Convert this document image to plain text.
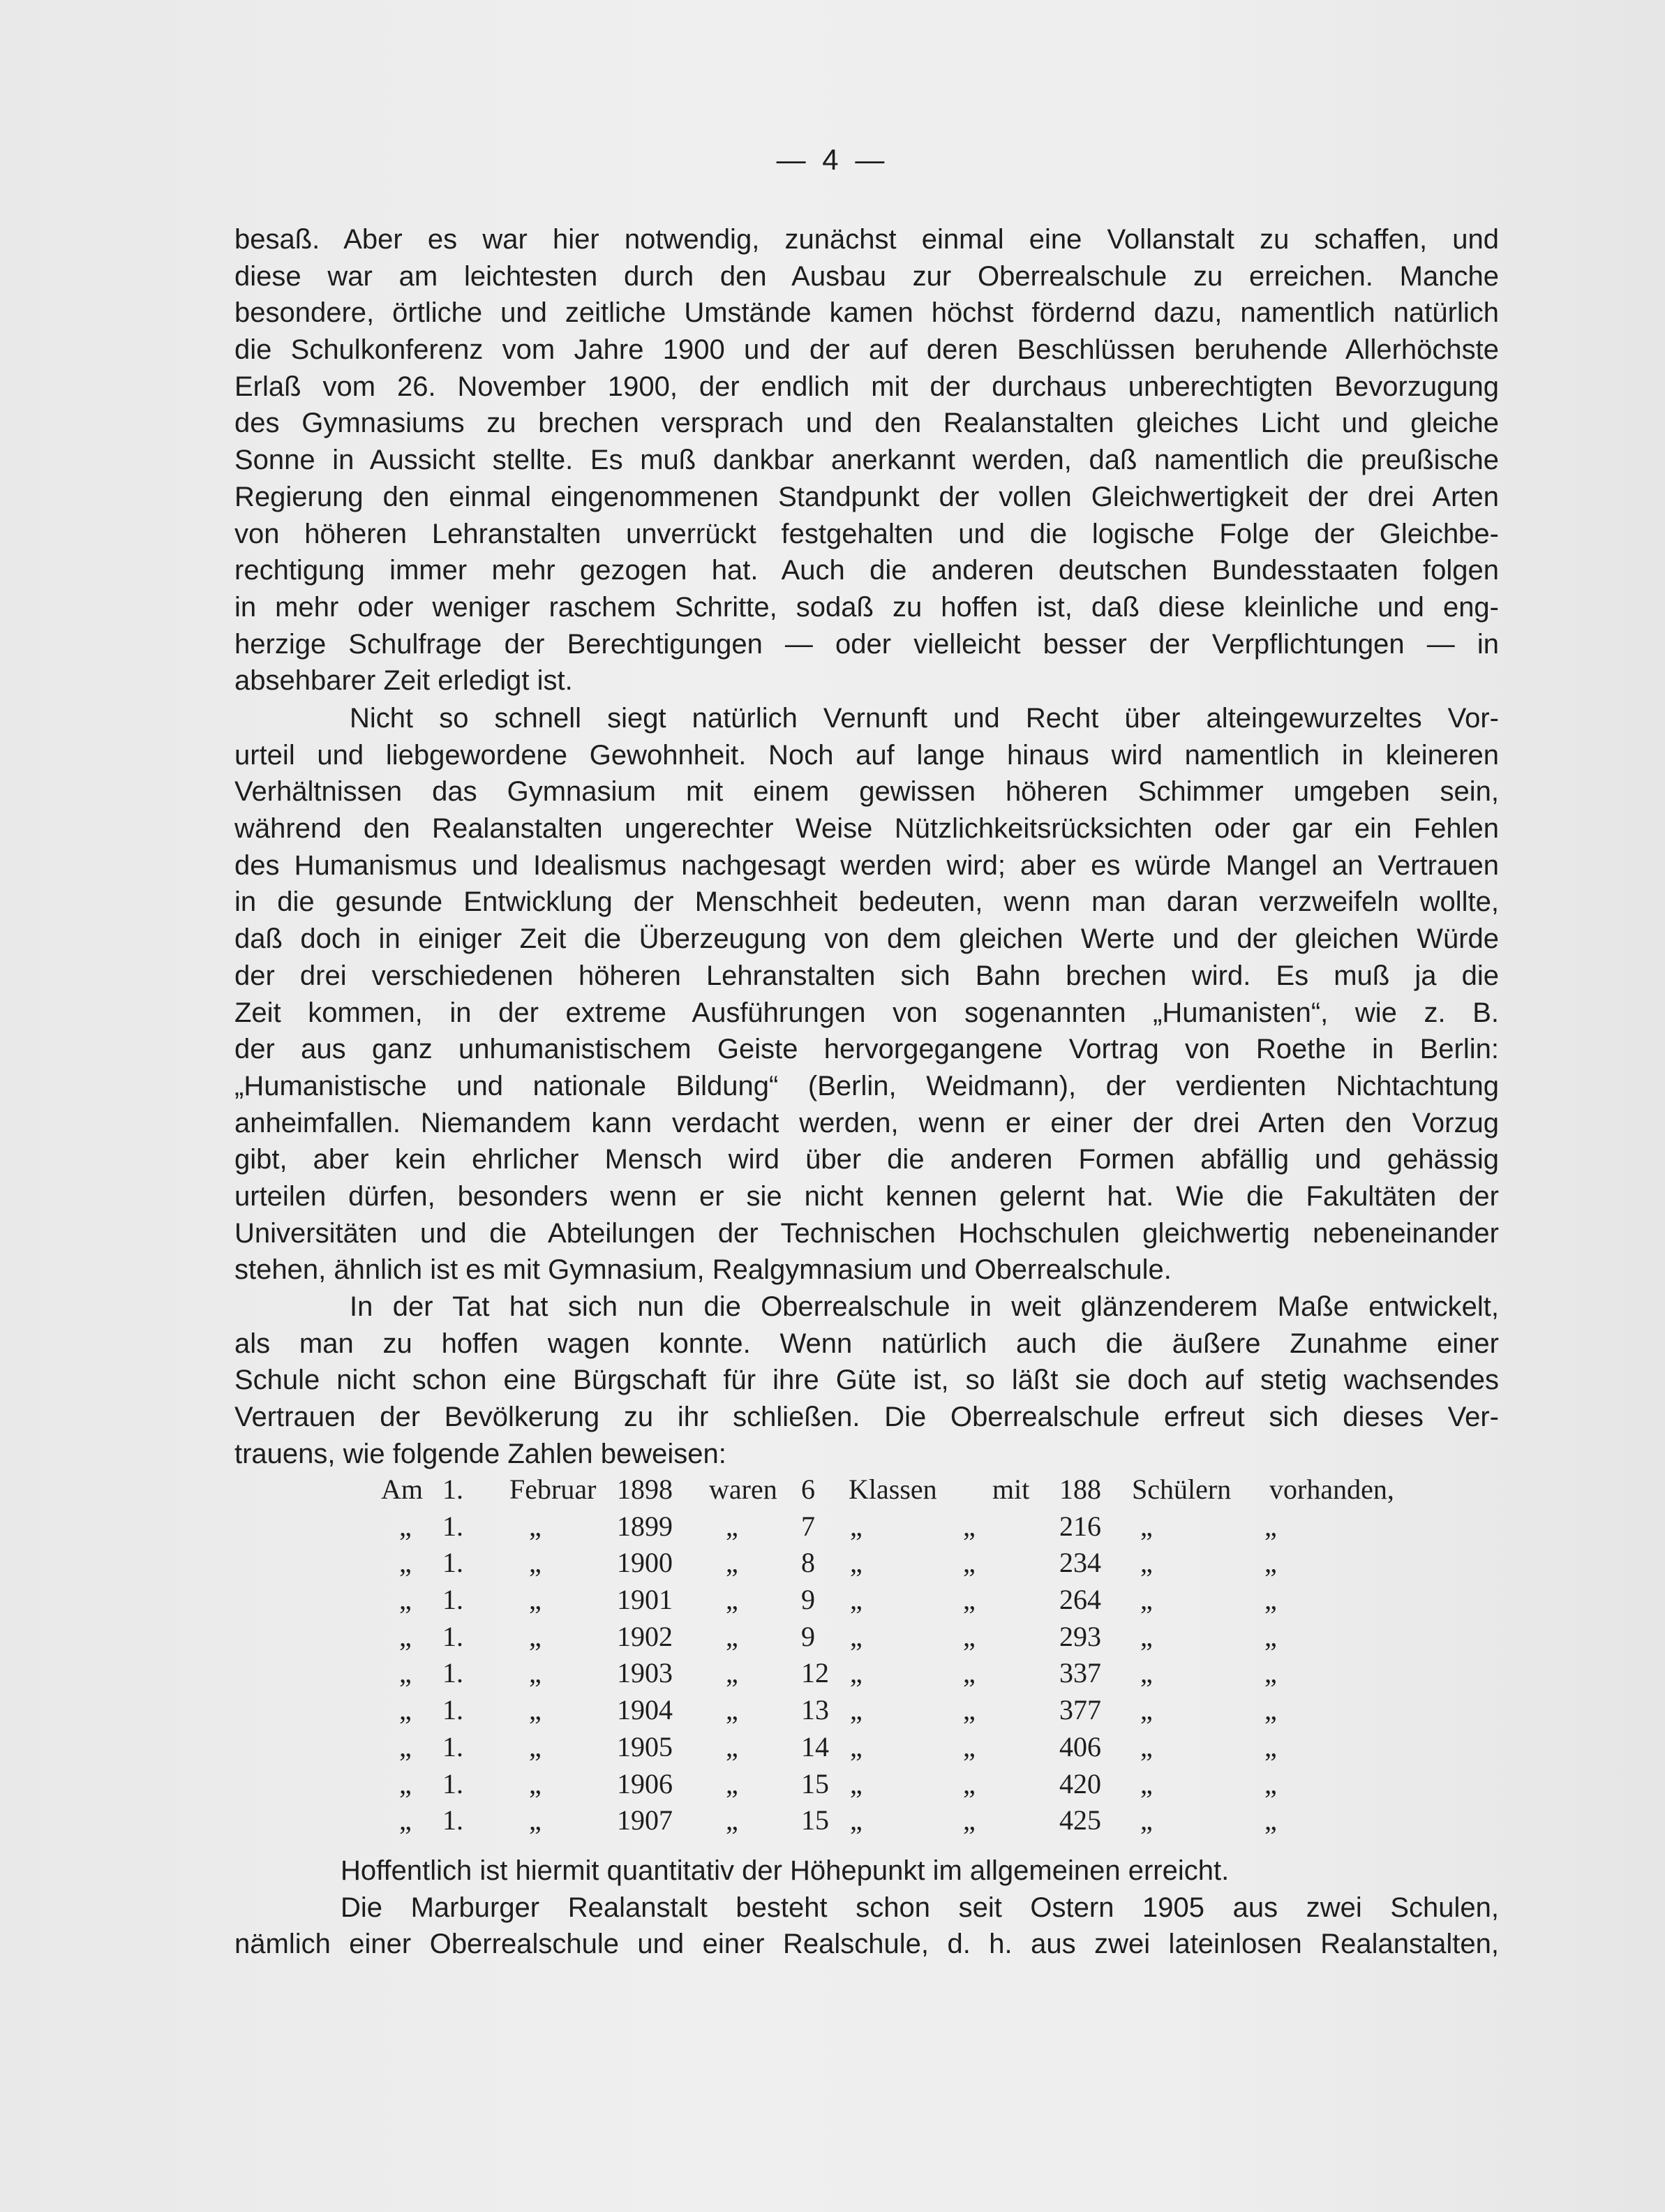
— 4 —
besaß. Aber es war hier notwendig, zunächst einmal eine Vollanstalt zu schaffen, und
diese war am leichtesten durch den Ausbau zur Oberrealschule zu erreichen. Manche
besondere, örtliche und zeitliche Umstände kamen höchst fördernd dazu, namentlich natürlich
die Schulkonferenz vom Jahre 1900 und der auf deren Beschlüssen beruhende Allerhöchste
Erlaß vom 26. November 1900, der endlich mit der durchaus unberechtigten Bevorzugung
des Gymnasiums zu brechen versprach und den Realanstalten gleiches Licht und gleiche
Sonne in Aussicht stellte. Es muß dankbar anerkannt werden, daß namentlich die preußische
Regierung den einmal eingenommenen Standpunkt der vollen Gleichwertigkeit der drei Arten
von höheren Lehranstalten unverrückt festgehalten und die logische Folge der Gleichbe-
rechtigung immer mehr gezogen hat. Auch die anderen deutschen Bundesstaaten folgen
in mehr oder weniger raschem Schritte, sodaß zu hoffen ist, daß diese kleinliche und eng-
herzige Schulfrage der Berechtigungen — oder vielleicht besser der Verpflichtungen — in
absehbarer Zeit erledigt ist.
Nicht so schnell siegt natürlich Vernunft und Recht über alteingewurzeltes Vor-
urteil und liebgewordene Gewohnheit. Noch auf lange hinaus wird namentlich in kleineren
Verhältnissen das Gymnasium mit einem gewissen höheren Schimmer umgeben sein,
während den Realanstalten ungerechter Weise Nützlichkeitsrücksichten oder gar ein Fehlen
des Humanismus und Idealismus nachgesagt werden wird; aber es würde Mangel an Vertrauen
in die gesunde Entwicklung der Menschheit bedeuten, wenn man daran verzweifeln wollte,
daß doch in einiger Zeit die Überzeugung von dem gleichen Werte und der gleichen Würde
der drei verschiedenen höheren Lehranstalten sich Bahn brechen wird. Es muß ja die
Zeit kommen, in der extreme Ausführungen von sogenannten „Humanisten“, wie z. B.
der aus ganz unhumanistischem Geiste hervorgegangene Vortrag von Roethe in Berlin:
„Humanistische und nationale Bildung“ (Berlin, Weidmann), der verdienten Nichtachtung
anheimfallen. Niemandem kann verdacht werden, wenn er einer der drei Arten den Vorzug
gibt, aber kein ehrlicher Mensch wird über die anderen Formen abfällig und gehässig
urteilen dürfen, besonders wenn er sie nicht kennen gelernt hat. Wie die Fakultäten der
Universitäten und die Abteilungen der Technischen Hochschulen gleichwertig nebeneinander
stehen, ähnlich ist es mit Gymnasium, Realgymnasium und Oberrealschule.
In der Tat hat sich nun die Oberrealschule in weit glänzenderem Maße entwickelt,
als man zu hoffen wagen konnte. Wenn natürlich auch die äußere Zunahme einer
Schule nicht schon eine Bürgschaft für ihre Güte ist, so läßt sie doch auf stetig wachsendes
Vertrauen der Bevölkerung zu ihr schließen. Die Oberrealschule erfreut sich dieses Ver-
trauens, wie folgende Zahlen beweisen:
Am 1. Februar 1898 waren 6 Klassen mit 188 Schülern vorhanden,
„ 1. „	1899 „ 7 „	„	216 „	„
„ 1. „	1900 „ 8 „	„	234 „	„
„ 1. „	1901 „ 9 „	„	264 „	„
„ 1. „	1902 „ 9 „	„	293 „	„
„ 1. „	1903 „ 12 „	„	337 „	„
„ 1. „	1904 „ 13 „	„	377 „	„
„ 1. „	1905 „ 14 „	„	406 „	„
„ 1. „	1906 „ 15 „	„	420 „	„
„ 1. „	1907 „ 15 „	„	425 „	„
Hoffentlich ist hiermit quantitativ der Höhepunkt im allgemeinen erreicht.
Die Marburger Realanstalt besteht schon seit Ostern 1905 aus zwei Schulen,
nämlich einer Oberrealschule und einer Realschule, d. h. aus zwei lateinlosen Realanstalten,
